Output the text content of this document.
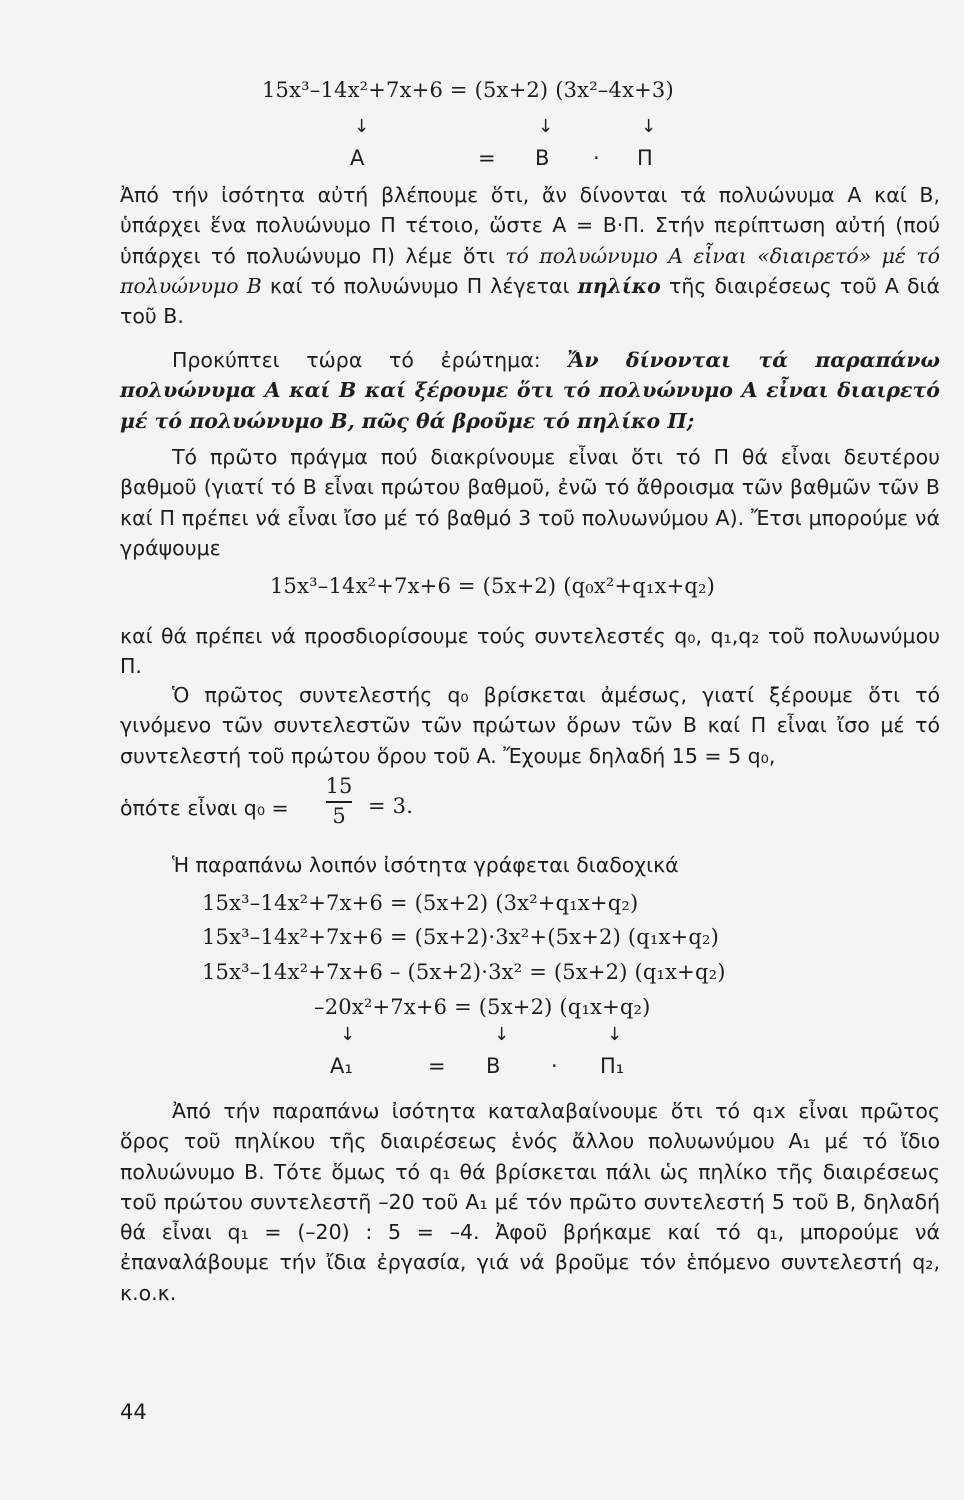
15x³–14x²+7x+6 = (5x+2) (3x²–4x+3)
↓	↓	↓
A	= B · Π

Ἀπό τήν ἰσότητα αὐτή βλέπουμε ὅτι, ἄν δίνονται τά πολυώνυμα A καί B, ὑπάρχει ἕνα πολυώνυμο Π τέτοιο, ὥστε A = B·Π. Στήν περίπτωση αὐτή (πού ὑπάρχει τό πολυώνυμο Π) λέμε ὅτι τό πολυώνυμο A εἶναι «διαιρετό» μέ τό πολυώνυμο B καί τό πολυώνυμο Π λέγεται πηλίκο τῆς διαιρέσεως τοῦ A διά τοῦ B.

Προκύπτει τώρα τό ἐρώτημα: Ἄν δίνονται τά παραπάνω πολυώνυμα A καί B καί ξέρουμε ὅτι τό πολυώνυμο A εἶναι διαιρετό μέ τό πολυώνυμο B, πῶς θά βροῦμε τό πηλίκο Π;

Τό πρῶτο πράγμα πού διακρίνουμε εἶναι ὅτι τό Π θά εἶναι δευτέρου βαθμοῦ (γιατί τό B εἶναι πρώτου βαθμοῦ, ἐνῶ τό ἄθροισμα τῶν βαθμῶν τῶν B καί Π πρέπει νά εἶναι ἴσο μέ τό βαθμό 3 τοῦ πολυωνύμου A). Ἔτσι μπορούμε νά γράψουμε

15x³–14x²+7x+6 = (5x+2) (q₀x²+q₁x+q₂)

καί θά πρέπει νά προσδιορίσουμε τούς συντελεστές q₀, q₁,q₂ τοῦ πολυωνύμου Π.

Ὁ πρῶτος συντελεστής q₀ βρίσκεται ἀμέσως, γιατί ξέρουμε ὅτι τό γινόμενο τῶν συντελεστῶν τῶν πρώτων ὅρων τῶν B καί Π εἶναι ἴσο μέ τό συντελεστή τοῦ πρώτου ὅρου τοῦ A. Ἔχουμε δηλαδή 15 = 5 q₀,

ὁπότε εἶναι q₀ =
15
5	= 3.

Ἡ παραπάνω λοιπόν ἰσότητα γράφεται διαδοχικά

15x³–14x²+7x+6 = (5x+2) (3x²+q₁x+q₂)
15x³–14x²+7x+6 = (5x+2)·3x²+(5x+2) (q₁x+q₂)
15x³–14x²+7x+6 – (5x+2)·3x² = (5x+2) (q₁x+q₂)
–20x²+7x+6 = (5x+2) (q₁x+q₂)
↓	↓	↓
A₁	= B · Π₁

Ἀπό τήν παραπάνω ἰσότητα καταλαβαίνουμε ὅτι τό q₁x εἶναι πρῶτος ὅρος τοῦ πηλίκου τῆς διαιρέσεως ἑνός ἄλλου πολυωνύμου A₁ μέ τό ἴδιο πολυώνυμο B. Τότε ὅμως τό q₁ θά βρίσκεται πάλι ὡς πηλίκο τῆς διαιρέσεως τοῦ πρώτου συντελεστῆ –20 τοῦ A₁ μέ τόν πρῶτο συντελεστή 5 τοῦ B, δηλαδή θά εἶναι q₁ = (–20) : 5 = –4. Ἀφοῦ βρήκαμε καί τό q₁, μπορούμε νά ἐπαναλάβουμε τήν ἴδια ἐργασία, γιά νά βροῦμε τόν ἑπόμενο συντελεστή q₂, κ.ο.κ.

44
